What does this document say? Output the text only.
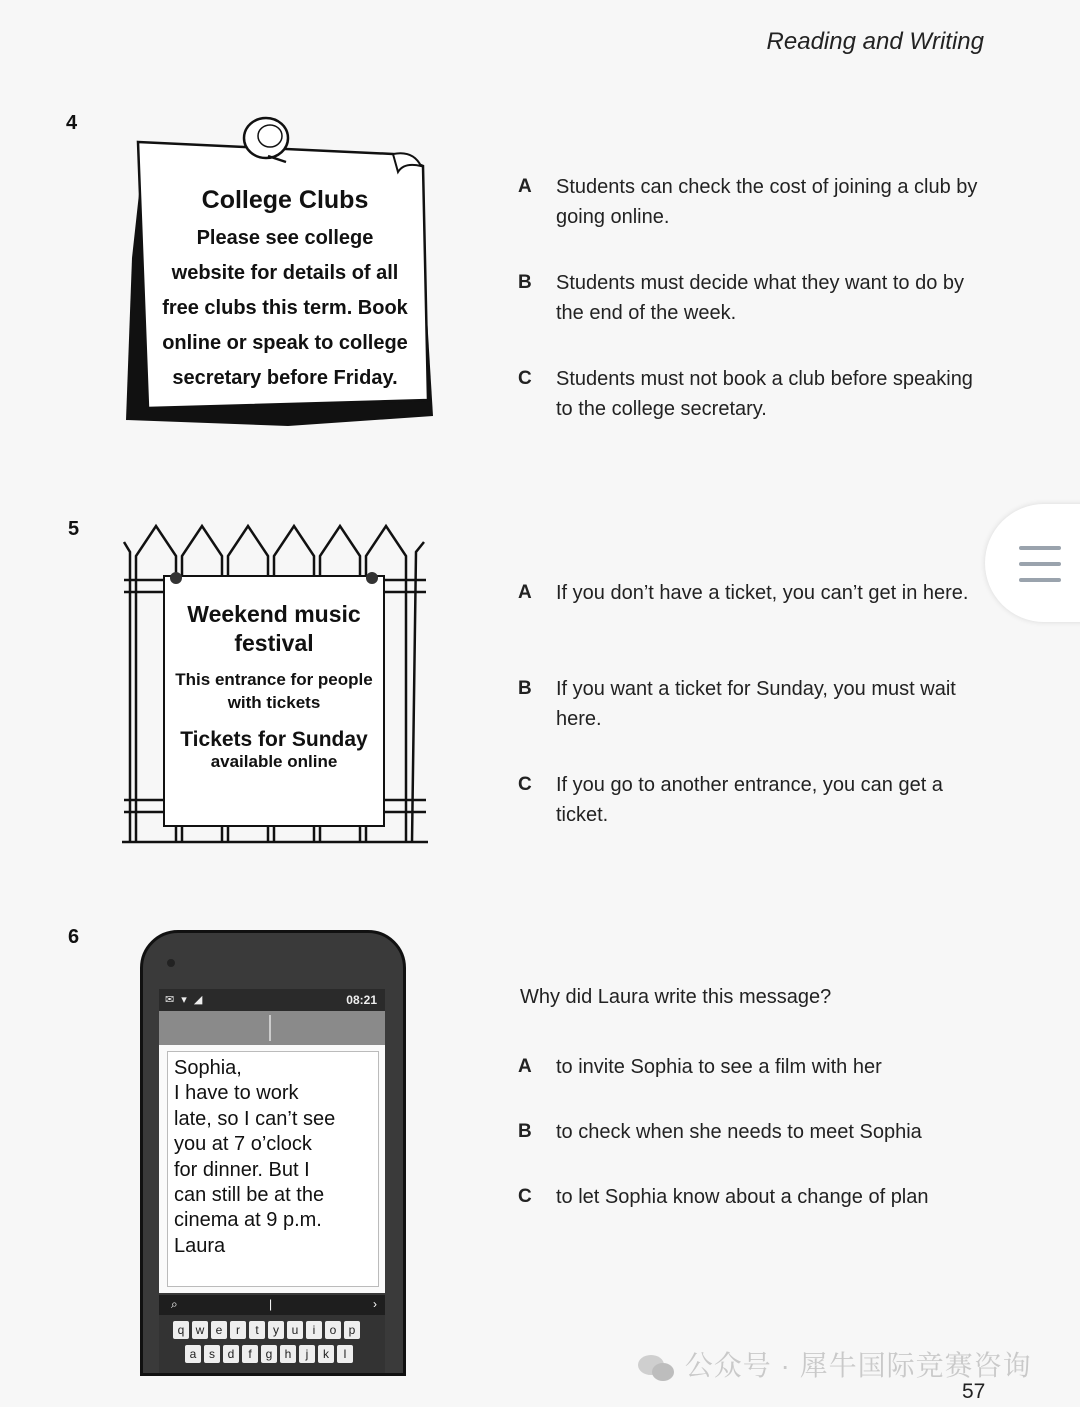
Reading and Writing
4
College Clubs
Please see college
website for details of all
free clubs this term. Book
online or speak to college
secretary before Friday.
A Students can check the cost of joining a club by going online.
B Students must decide what they want to do by the end of the week.
C Students must not book a club before speaking to the college secretary.
5
Weekend music festival
This entrance for people with tickets
Tickets for Sunday
available online
A If you don’t have a ticket, you can’t get in here.
B If you want a ticket for Sunday, you must wait here.
C If you go to another entrance, you can get a ticket.
6
✉ ▾ ◢	08:21
Sophia,
I have to work
late, so I can’t see
you at 7 o’clock
for dinner. But I
can still be at the
cinema at 9 p.m.
Laura
⌕	|	›
q w e	r	t	y	u	i	o	p
a	s	d	f	g	h	j	k	l
Why did Laura write this message?
A to invite Sophia to see a film with her
B to check when she needs to meet Sophia
C to let Sophia know about a change of plan
公众号 · 犀牛国际竞赛咨询
57
